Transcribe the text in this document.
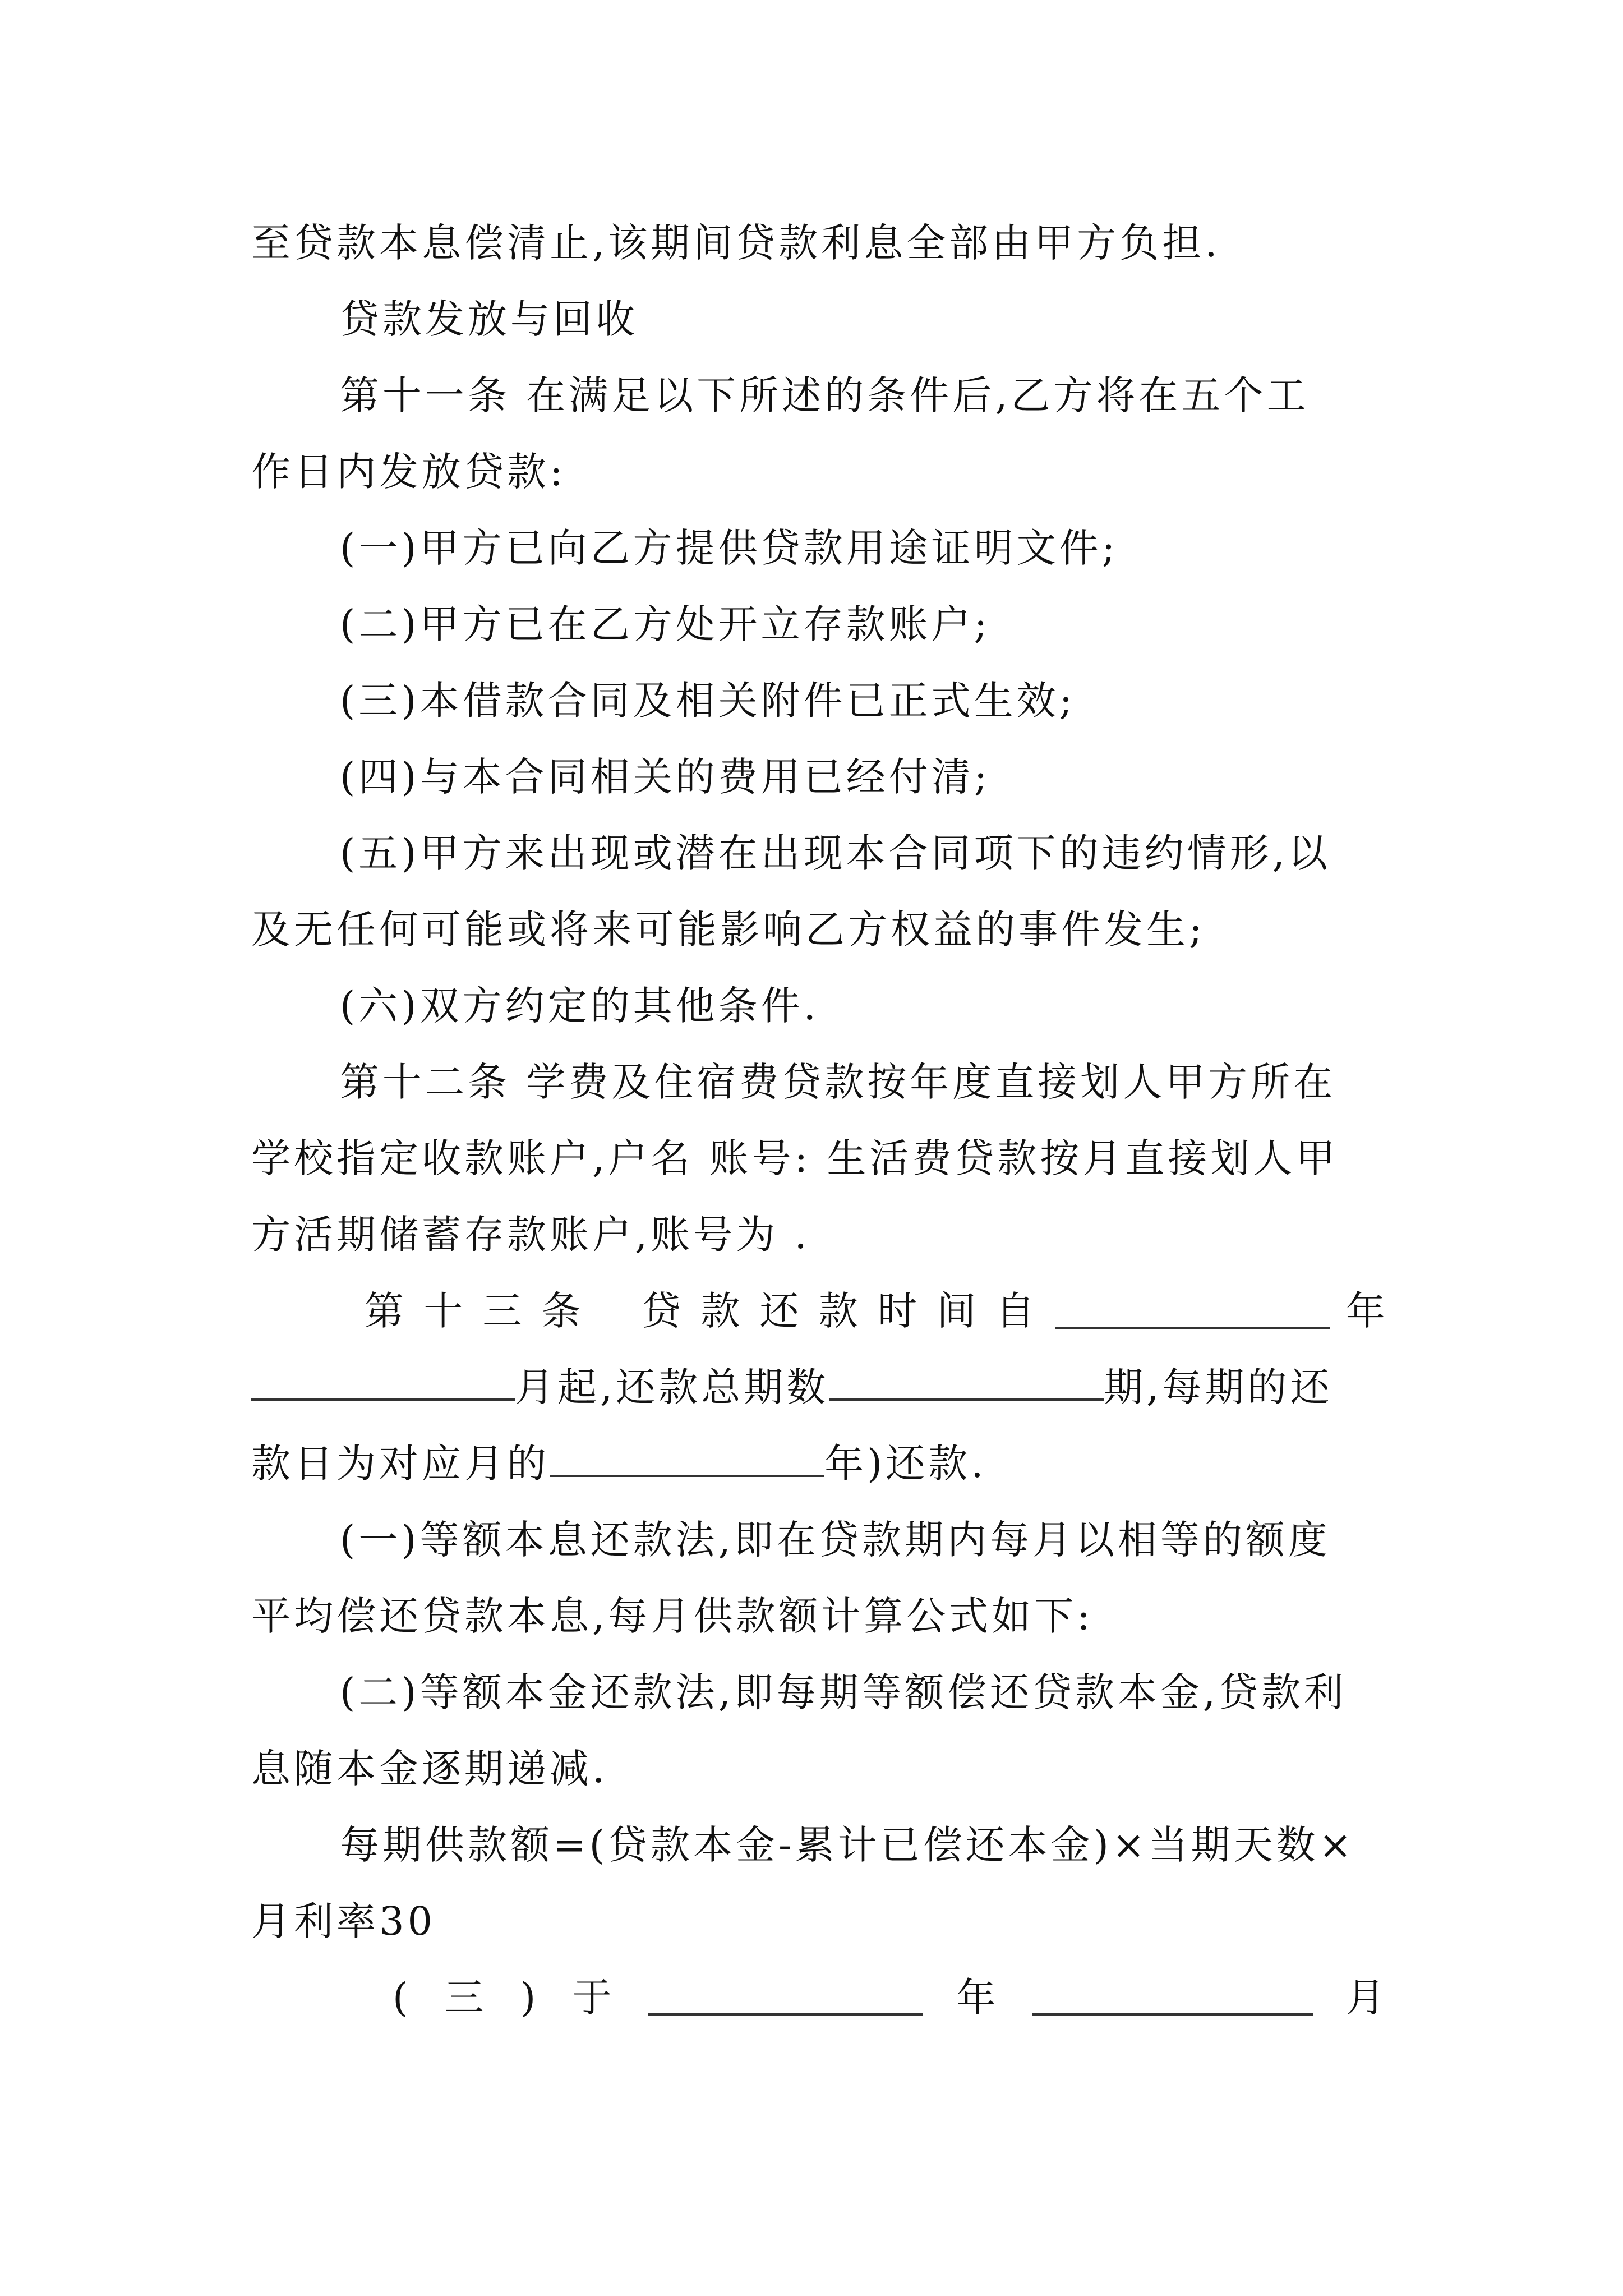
至贷款本息偿清止,该期间贷款利息全部由甲方负担.
贷款发放与回收
第十一条 在满足以下所述的条件后,乙方将在五个工
作日内发放贷款:
(一)甲方已向乙方提供贷款用途证明文件;
(二)甲方已在乙方处开立存款账户;
(三)本借款合同及相关附件已正式生效;
(四)与本合同相关的费用已经付清;
(五)甲方来出现或潜在出现本合同项下的违约情形,以
及无任何可能或将来可能影响乙方权益的事件发生;
(六)双方约定的其他条件.
第十二条 学费及住宿费贷款按年度直接划人甲方所在
学校指定收款账户,户名 账号: 生活费贷款按月直接划人甲
方活期储蓄存款账户,账号为 .
第 十 三 条 贷 款 还 款 时 间 自	年
月起,还款总期数	期,每期的还
款日为对应月的	年)还款.
(一)等额本息还款法,即在贷款期内每月以相等的额度
平均偿还贷款本息,每月供款额计算公式如下:
(二)等额本金还款法,即每期等额偿还贷款本金,贷款利
息随本金逐期递减.
每期供款额=(贷款本金-累计已偿还本金)×当期天数×
月利率30
( 三 ) 于	年	月
